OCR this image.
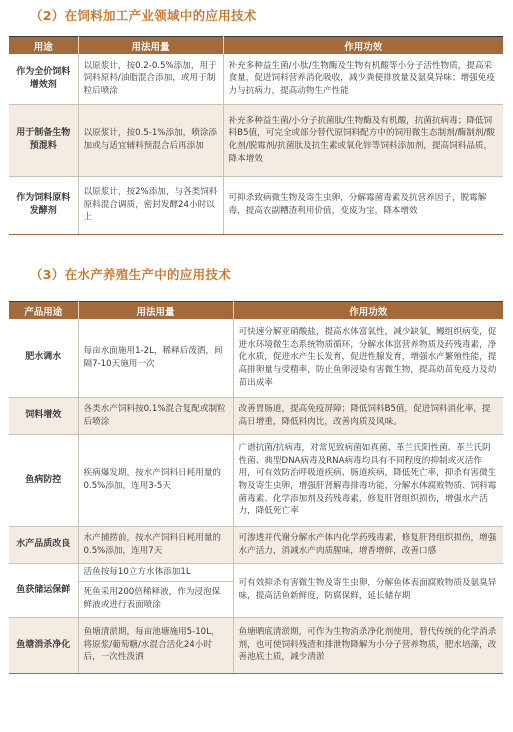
（2）在饲料加工产业领域中的应用技术
用途	用法用量	作用功效
作为全价饲料增效剂	以原浆计，按0.2-0.5%添加，用于饲料原料/油脂混合添加，或用于制粒后喷涂	补充多种益生菌/小肽/生物酶及生物有机酸等小分子活性物质，提高采食量，促进饲料营养消化吸收，减少粪便排放量及氨臭异味；增强免疫力与抗病力，提高动物生产性能
用于制备生物预混料	以原浆计，按0.5-1%添加，喷涂添加或与适宜辅料预混合后再添加	补充多种益生菌/小分子抗菌肽/生物酶及有机酸，抗菌抗病毒；降低饲料B5值，可完全或部分替代原饲料配方中的饲用微生态制剂/酶制剂/酸化剂/脱霉剂/抗菌肽及抗生素或氧化锌等饲料添加剂，提高饲料品质，降本增效
作为饲料原料发酵剂	以原浆计，按2%添加，与各类饲料原料混合调质，密封发酵24小时以上	可抑杀致病微生物及寄生虫卵，分解霉菌毒素及抗营养因子，脱霉解毒，提高农副糟渣利用价值，变废为宝，降本增效
（3）在水产养殖生产中的应用技术
产品用途	用法用量	作用功效
肥水调水	每亩水面施用1-2L，稀释后泼洒，间隔7-10天施用一次	可快速分解亚硝酸盐，提高水体富氧性，减少缺氧，鳗组织病变，促进水环境微生态系统物质循环，分解水体富营养物质及药残毒素，净化水质，促进水产生长发育，促进性腺发育，增强水产繁殖性能，提高排卵量与受精率，防止鱼卵浸染有害微生物，提高幼苗免疫力及幼苗出成率
饲料增效	各类水产饲料按0.1%混合复配或制粒后喷涂	改善胃肠道，提高免疫屏障；降低饲料B5值，促进饲料消化率，提高日增重，降低料肉比，改善肉质及风味。
鱼病防控	疾病爆发期，按水产饲料日耗用量的0.5%添加，连用3-5天	广谱抗菌/抗病毒，对常见致病菌如真菌、革兰氏阳性菌、革兰氏阴性菌、典型DNA病毒及RNA病毒均具有不同程度的抑制或灭活作用，可有效防治呼吸道疾病、肠道疾病，降低死亡率，抑杀有害微生物及寄生虫卵，增强肝肾解毒排毒功能，分解水体腐败物质、饲料霉菌毒素、化学添加剂及药残毒素，修复肝肾组织损伤，增强水产活力，降低死亡率
水产品质改良	水产捕捞前，按水产饲料日耗用量的0.5%添加，连用7天	可渗透并代谢分解水产体内化学药残毒素，修复肝肾组织损伤，增强水产活力，消减水产肉质腥味，增香增鲜，改善口感
鱼获储运保鲜	活鱼按每10立方水体添加1L	可有效抑杀有害微生物及寄生虫卵，分解鱼体表面腐败物质及氨臭异味，提高活鱼新鲜度，防腐保鲜，延长储存期
	死鱼采用200倍稀释液，作为浸泡保鲜液或进行表面喷涂	
鱼塘消杀净化	鱼塘清淤期，每亩池塘施用5-10L，将原浆/葡萄糖/水混合活化24小时后，一次性泼洒	鱼塘晒底清淤期，可作为生物消杀净化剂使用，替代传统的化学消杀剂，也可使饲料残渣和排泄物降解为小分子营养物质，肥水培藻，改善池底土质，减少清淤
